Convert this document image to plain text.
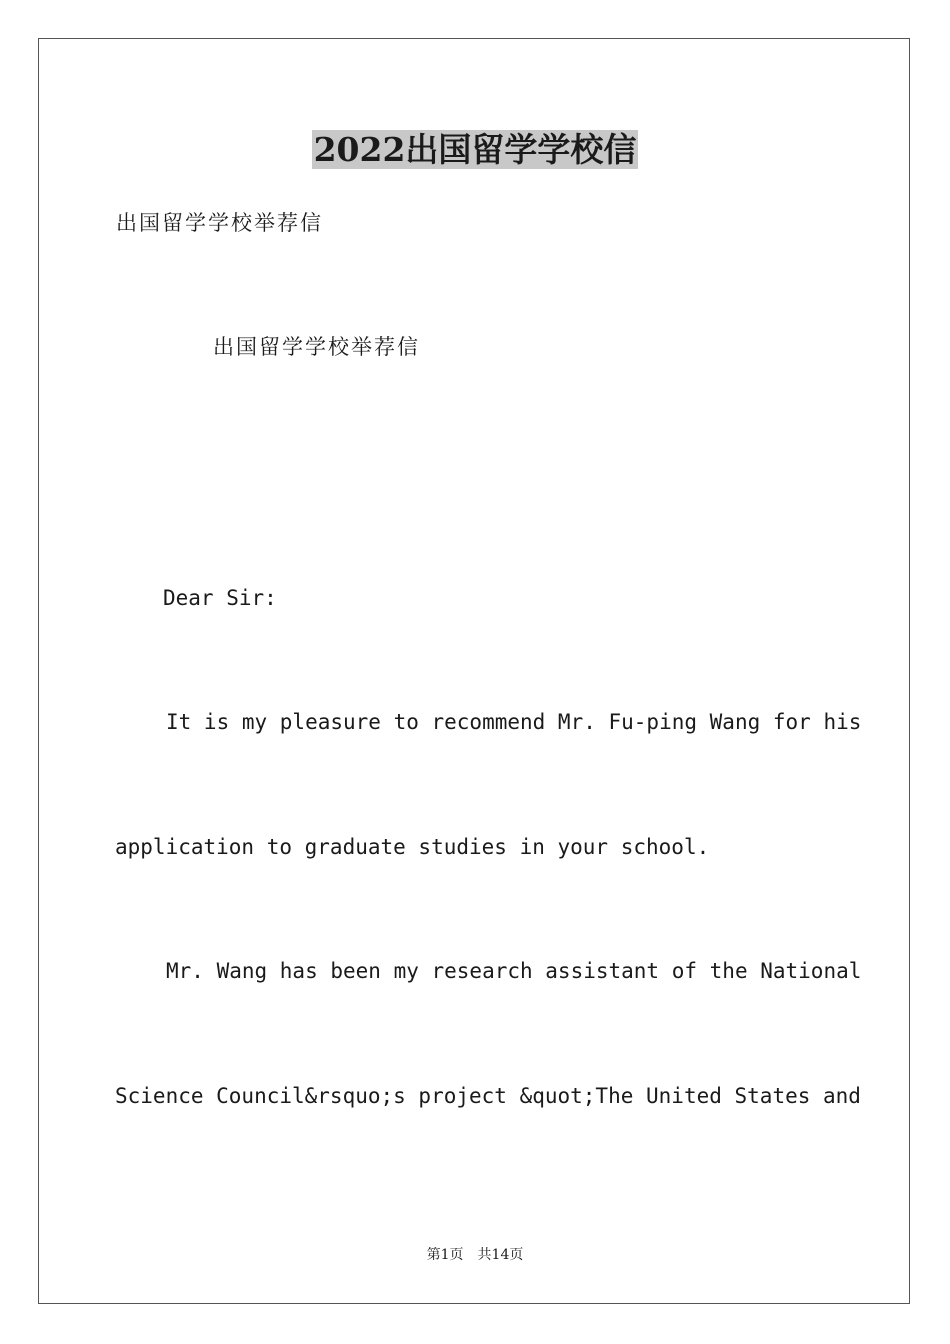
2022出国留学学校信

出国留学学校举荐信

出国留学学校举荐信

Dear Sir:

It is my pleasure to recommend Mr. Fu-ping Wang for his

application to graduate studies in your school.

Mr. Wang has been my research assistant of the National

Science Council&rsquo;s project &quot;The United States and

第1页 共14页
